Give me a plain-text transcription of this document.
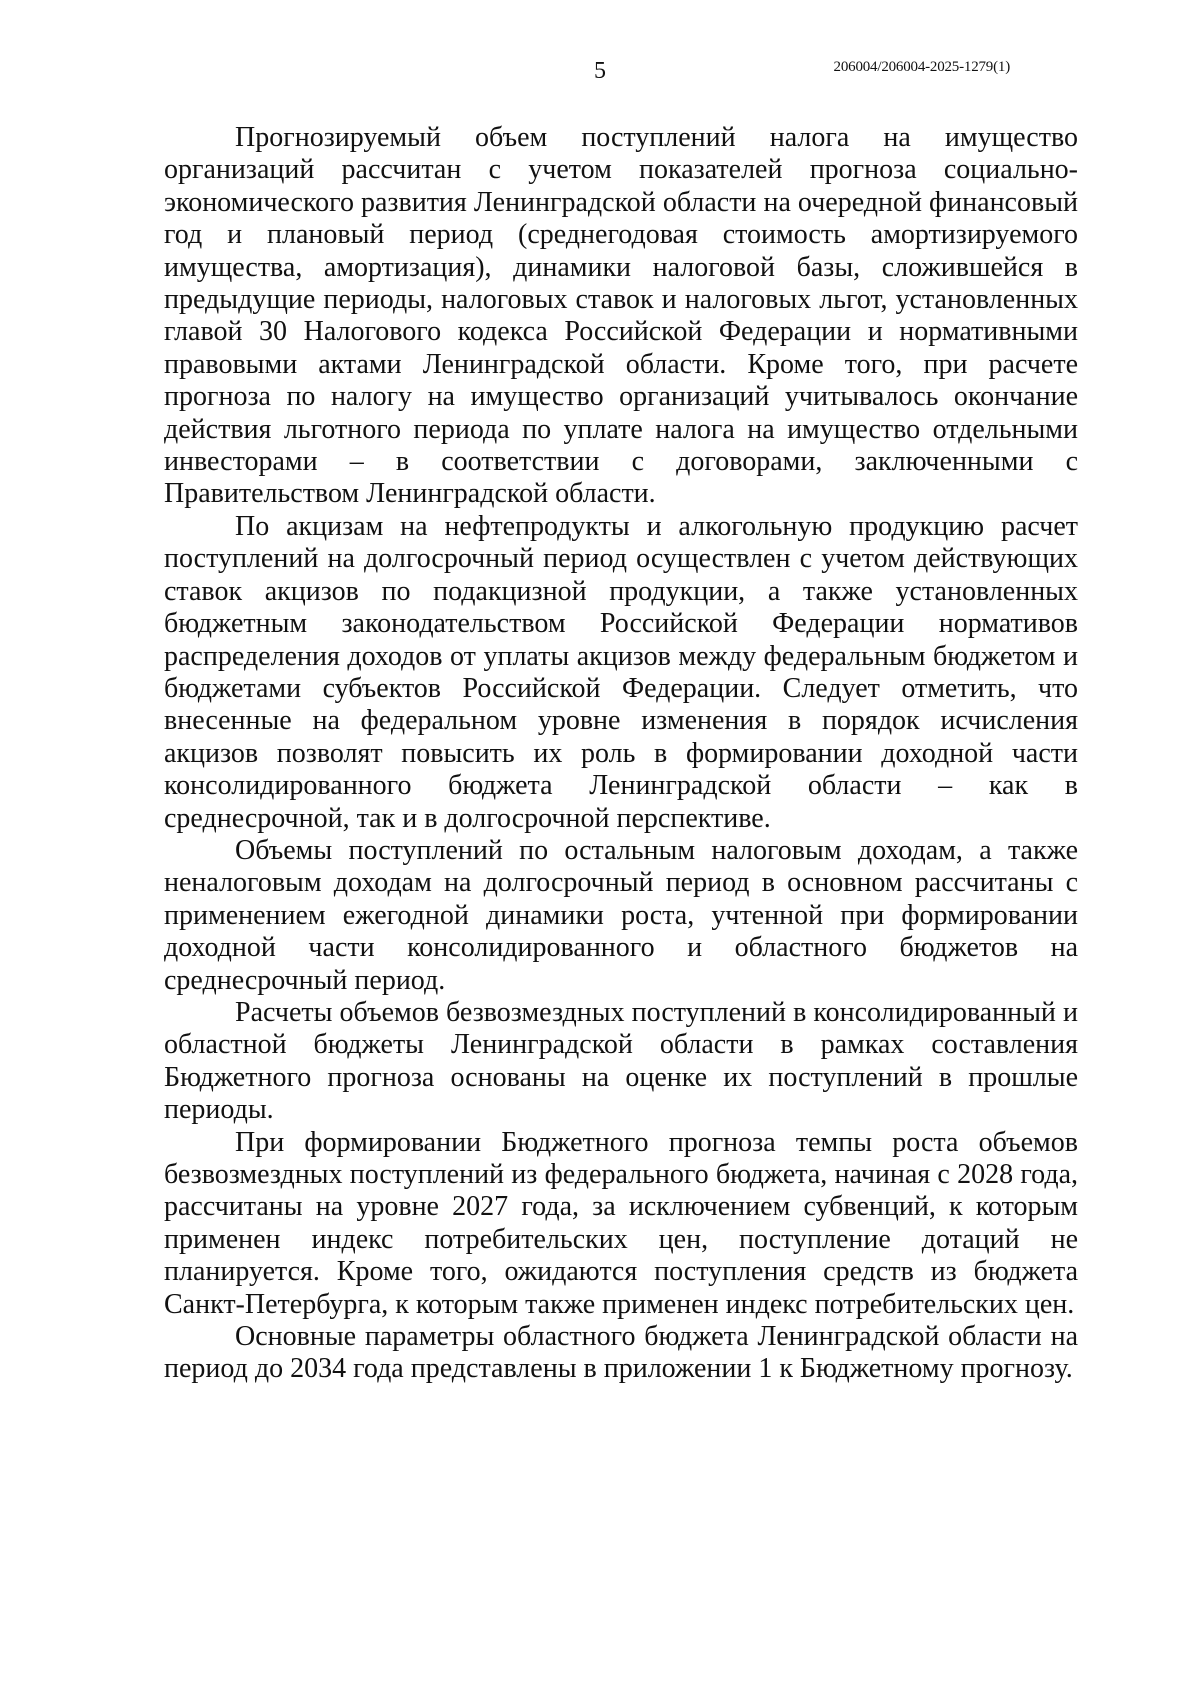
5	206004/206004-2025-1279(1)

Прогнозируемый объем поступлений налога на имущество организаций рассчитан с учетом показателей прогноза социально-экономического развития Ленинградской области на очередной финансовый год и плановый период (среднегодовая стоимость амортизируемого имущества, амортизация), динамики налоговой базы, сложившейся в предыдущие периоды, налоговых ставок и налоговых льгот, установленных главой 30 Налогового кодекса Российской Федерации и нормативными правовыми актами Ленинградской области. Кроме того, при расчете прогноза по налогу на имущество организаций учитывалось окончание действия льготного периода по уплате налога на имущество отдельными инвесторами – в соответствии с договорами, заключенными с Правительством Ленинградской области.

По акцизам на нефтепродукты и алкогольную продукцию расчет поступлений на долгосрочный период осуществлен с учетом действующих ставок акцизов по подакцизной продукции, а также установленных бюджетным законодательством Российской Федерации нормативов распределения доходов от уплаты акцизов между федеральным бюджетом и бюджетами субъектов Российской Федерации. Следует отметить, что внесенные на федеральном уровне изменения в порядок исчисления акцизов позволят повысить их роль в формировании доходной части консолидированного бюджета Ленинградской области – как в среднесрочной, так и в долгосрочной перспективе.

Объемы поступлений по остальным налоговым доходам, а также неналоговым доходам на долгосрочный период в основном рассчитаны с применением ежегодной динамики роста, учтенной при формировании доходной части консолидированного и областного бюджетов на среднесрочный период.

Расчеты объемов безвозмездных поступлений в консолидированный и областной бюджеты Ленинградской области в рамках составления Бюджетного прогноза основаны на оценке их поступлений в прошлые периоды.

При формировании Бюджетного прогноза темпы роста объемов безвозмездных поступлений из федерального бюджета, начиная с 2028 года, рассчитаны на уровне 2027 года, за исключением субвенций, к которым применен индекс потребительских цен, поступление дотаций не планируется. Кроме того, ожидаются поступления средств из бюджета Санкт-Петербурга, к которым также применен индекс потребительских цен.

Основные параметры областного бюджета Ленинградской области на период до 2034 года представлены в приложении 1 к Бюджетному прогнозу.
